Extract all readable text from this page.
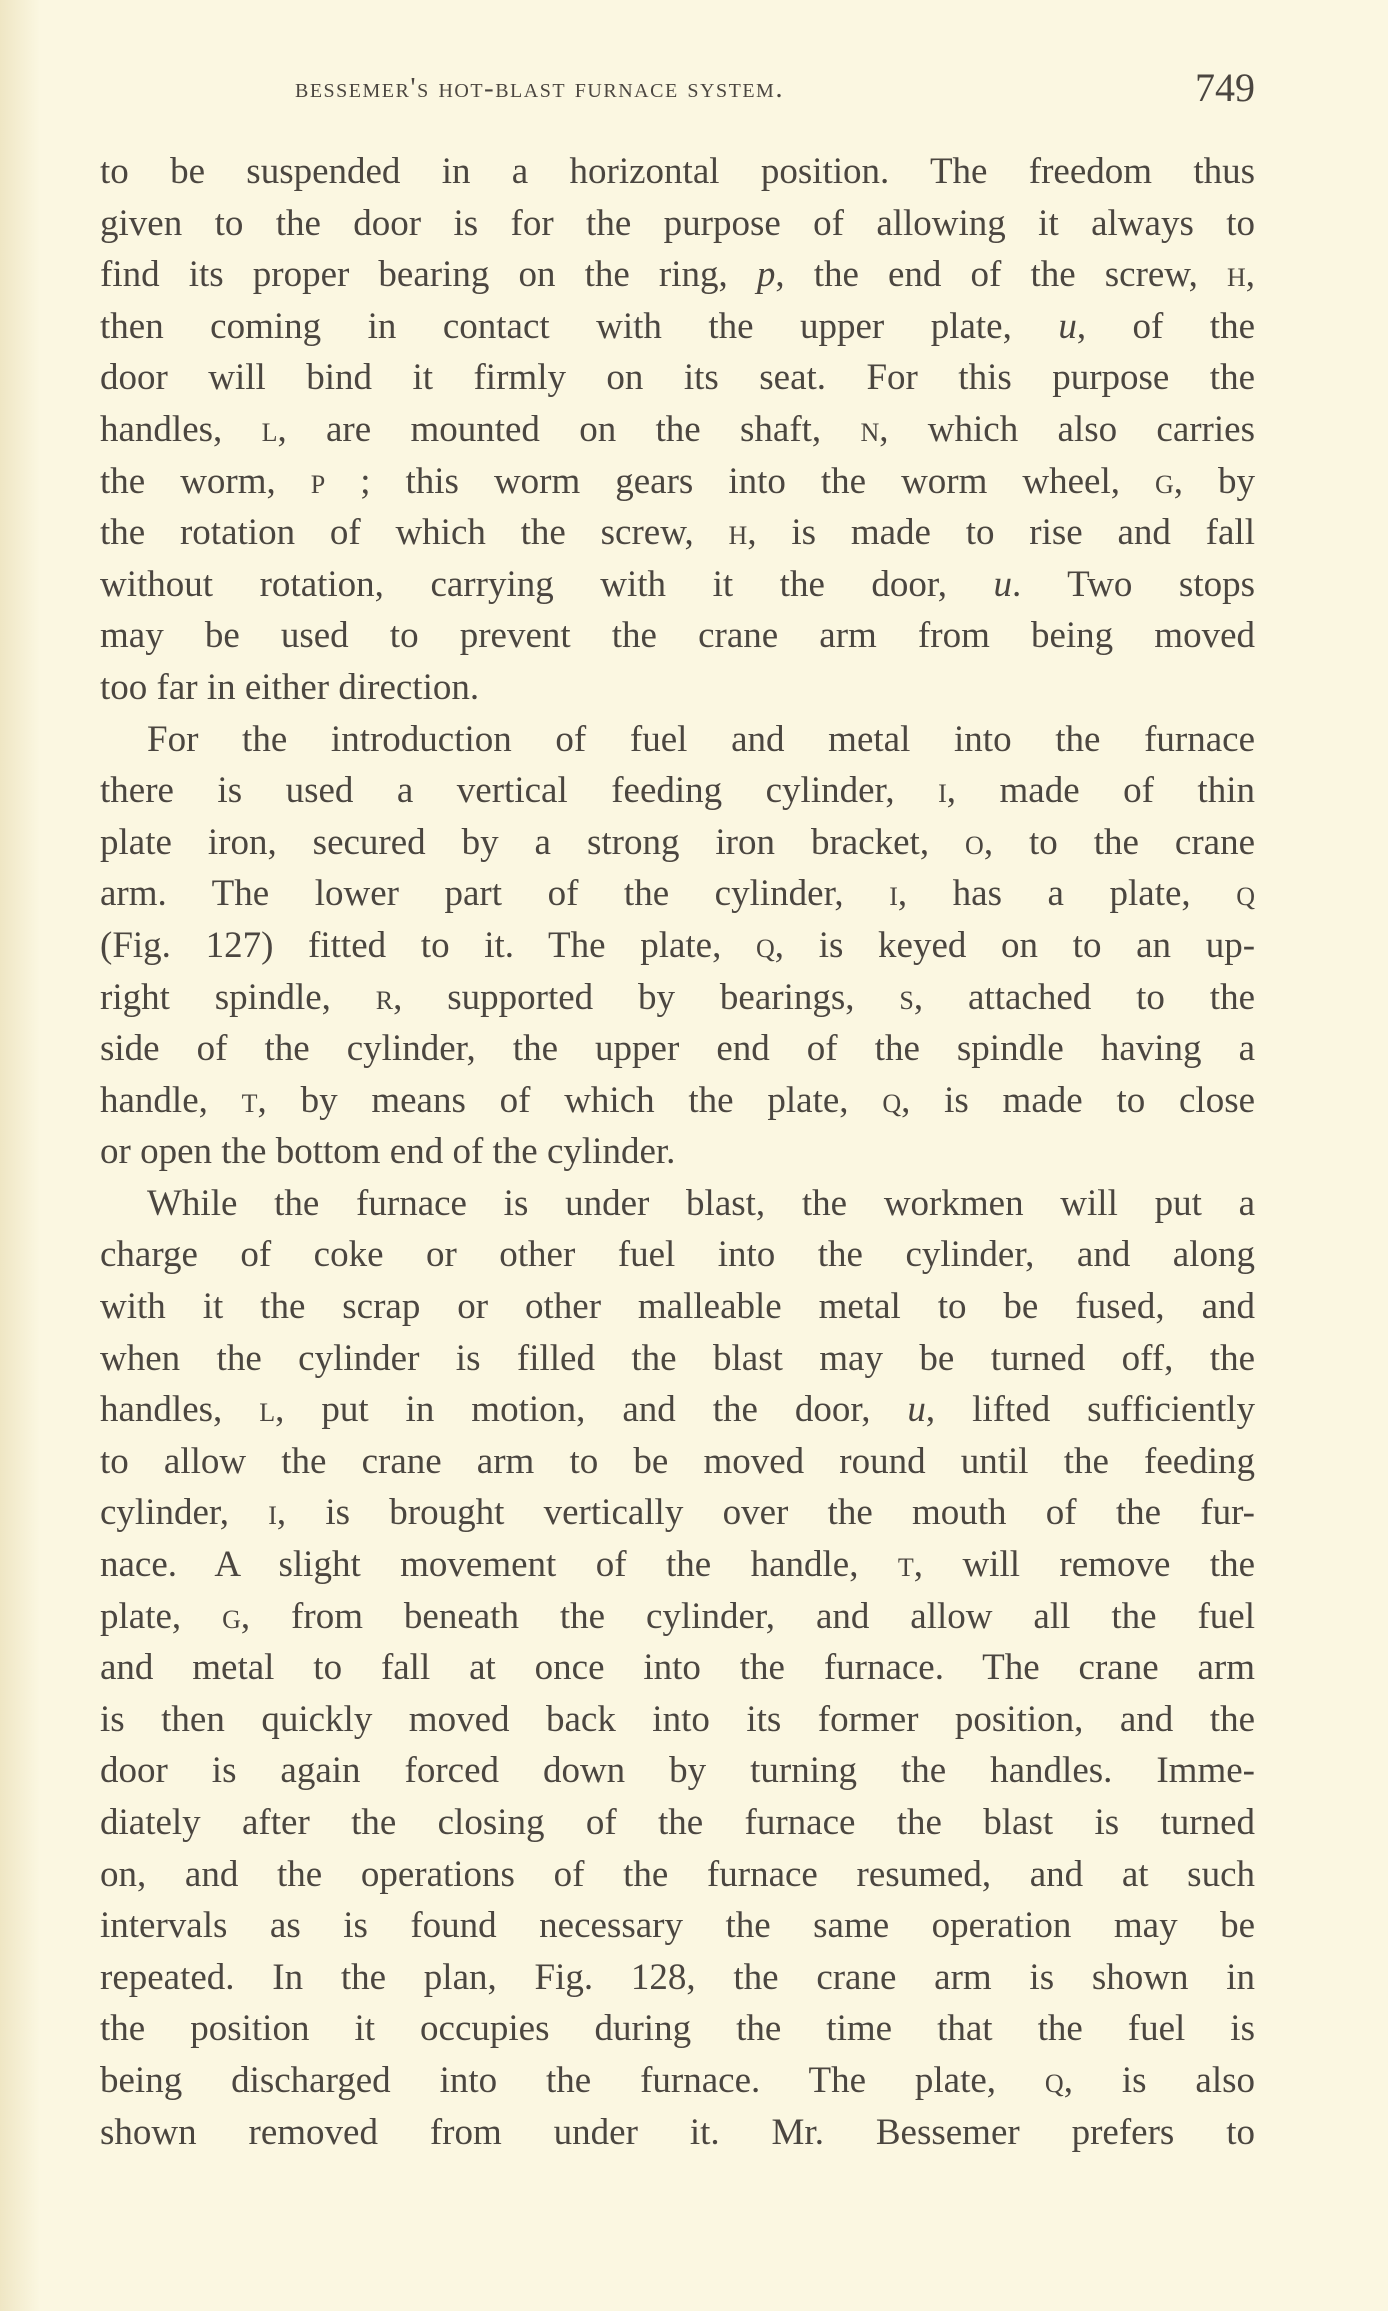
bessemer's hot-blast furnace system.	749
to be suspended in a horizontal position. The freedom thus
given to the door is for the purpose of allowing it always to
find its proper bearing on the ring, p, the end of the screw, h,
then coming in contact with the upper plate, u, of the
door will bind it firmly on its seat. For this purpose the
handles, l, are mounted on the shaft, n, which also carries
the worm, p ; this worm gears into the worm wheel, g, by
the rotation of which the screw, h, is made to rise and fall
without rotation, carrying with it the door, u. Two stops
may be used to prevent the crane arm from being moved
too far in either direction.
For the introduction of fuel and metal into the furnace
there is used a vertical feeding cylinder, i, made of thin
plate iron, secured by a strong iron bracket, o, to the crane
arm. The lower part of the cylinder, i, has a plate, q
(Fig. 127) fitted to it. The plate, q, is keyed on to an up-
right spindle, r, supported by bearings, s, attached to the
side of the cylinder, the upper end of the spindle having a
handle, t, by means of which the plate, q, is made to close
or open the bottom end of the cylinder.
While the furnace is under blast, the workmen will put a
charge of coke or other fuel into the cylinder, and along
with it the scrap or other malleable metal to be fused, and
when the cylinder is filled the blast may be turned off, the
handles, l, put in motion, and the door, u, lifted sufficiently
to allow the crane arm to be moved round until the feeding
cylinder, i, is brought vertically over the mouth of the fur-
nace. A slight movement of the handle, t, will remove the
plate, g, from beneath the cylinder, and allow all the fuel
and metal to fall at once into the furnace. The crane arm
is then quickly moved back into its former position, and the
door is again forced down by turning the handles. Imme-
diately after the closing of the furnace the blast is turned
on, and the operations of the furnace resumed, and at such
intervals as is found necessary the same operation may be
repeated. In the plan, Fig. 128, the crane arm is shown in
the position it occupies during the time that the fuel is
being discharged into the furnace. The plate, q, is also
shown removed from under it. Mr. Bessemer prefers to
